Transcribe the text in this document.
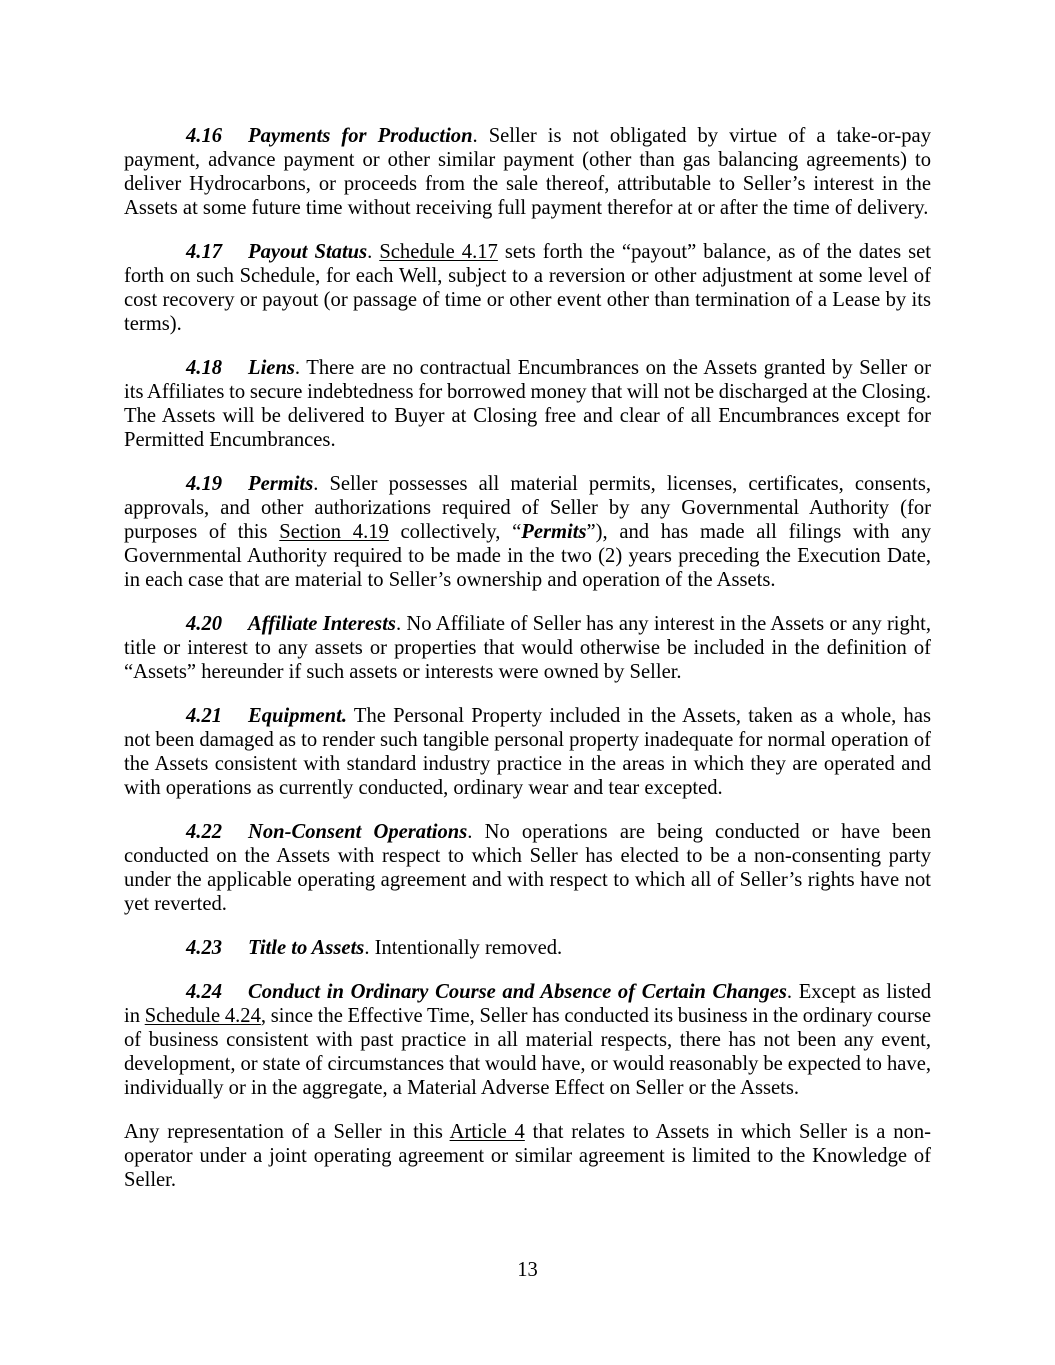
4.16 Payments for Production. Seller is not obligated by virtue of a take-or-pay
payment, advance payment or other similar payment (other than gas balancing agreements) to
deliver Hydrocarbons, or proceeds from the sale thereof, attributable to Seller’s interest in the
Assets at some future time without receiving full payment therefor at or after the time of delivery.
4.17 Payout Status. Schedule 4.17 sets forth the “payout” balance, as of the dates set
forth on such Schedule, for each Well, subject to a reversion or other adjustment at some level of
cost recovery or payout (or passage of time or other event other than termination of a Lease by its
terms).
4.18 Liens. There are no contractual Encumbrances on the Assets granted by Seller or
its Affiliates to secure indebtedness for borrowed money that will not be discharged at the Closing.
The Assets will be delivered to Buyer at Closing free and clear of all Encumbrances except for
Permitted Encumbrances.
4.19 Permits. Seller possesses all material permits, licenses, certificates, consents,
approvals, and other authorizations required of Seller by any Governmental Authority (for
purposes of this Section 4.19 collectively, “Permits”), and has made all filings with any
Governmental Authority required to be made in the two (2) years preceding the Execution Date,
in each case that are material to Seller’s ownership and operation of the Assets.
4.20 Affiliate Interests. No Affiliate of Seller has any interest in the Assets or any right,
title or interest to any assets or properties that would otherwise be included in the definition of
“Assets” hereunder if such assets or interests were owned by Seller.
4.21 Equipment. The Personal Property included in the Assets, taken as a whole, has
not been damaged as to render such tangible personal property inadequate for normal operation of
the Assets consistent with standard industry practice in the areas in which they are operated and
with operations as currently conducted, ordinary wear and tear excepted.
4.22 Non-Consent Operations. No operations are being conducted or have been
conducted on the Assets with respect to which Seller has elected to be a non-consenting party
under the applicable operating agreement and with respect to which all of Seller’s rights have not
yet reverted.
4.23 Title to Assets. Intentionally removed.
4.24 Conduct in Ordinary Course and Absence of Certain Changes. Except as listed
in Schedule 4.24, since the Effective Time, Seller has conducted its business in the ordinary course
of business consistent with past practice in all material respects, there has not been any event,
development, or state of circumstances that would have, or would reasonably be expected to have,
individually or in the aggregate, a Material Adverse Effect on Seller or the Assets.
Any representation of a Seller in this Article 4 that relates to Assets in which Seller is a non-
operator under a joint operating agreement or similar agreement is limited to the Knowledge of
Seller.
13
